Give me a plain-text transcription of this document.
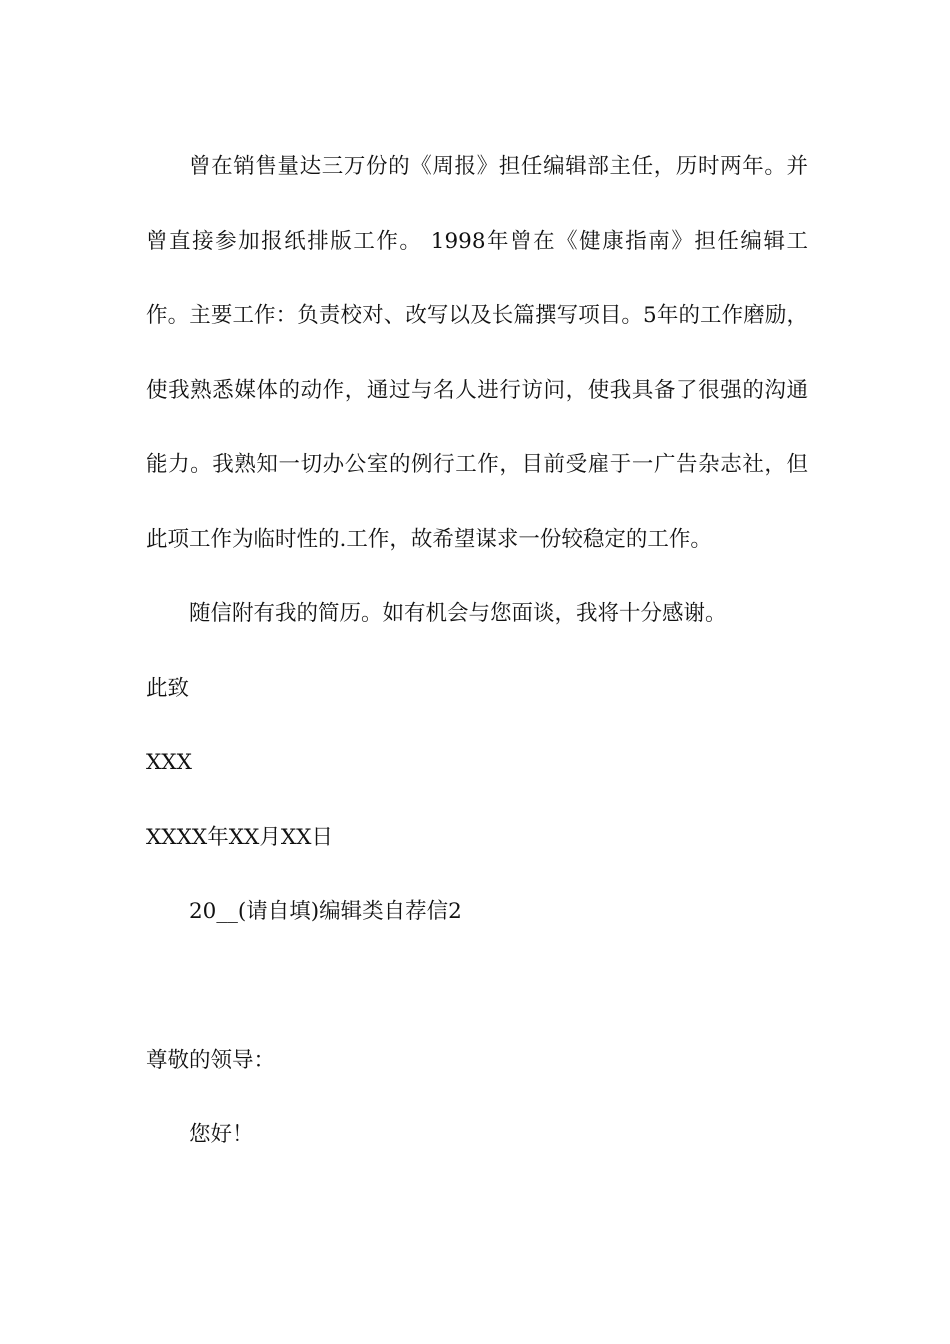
曾在销售量达三万份的《周报》担任编辑部主任，历时两年。并曾直接参加报纸排版工作。 1998年曾在《健康指南》担任编辑工作。主要工作：负责校对、改写以及长篇撰写项目。5年的工作磨励，使我熟悉媒体的动作，通过与名人进行访问，使我具备了很强的沟通能力。我熟知一切办公室的例行工作，目前受雇于一广告杂志社，但此项工作为临时性的.工作，故希望谋求一份较稳定的工作。

随信附有我的简历。如有机会与您面谈，我将十分感谢。

此致

XXX

XXXX年XX月XX日

20__(请自填)编辑类自荐信2

尊敬的领导：

您好！
